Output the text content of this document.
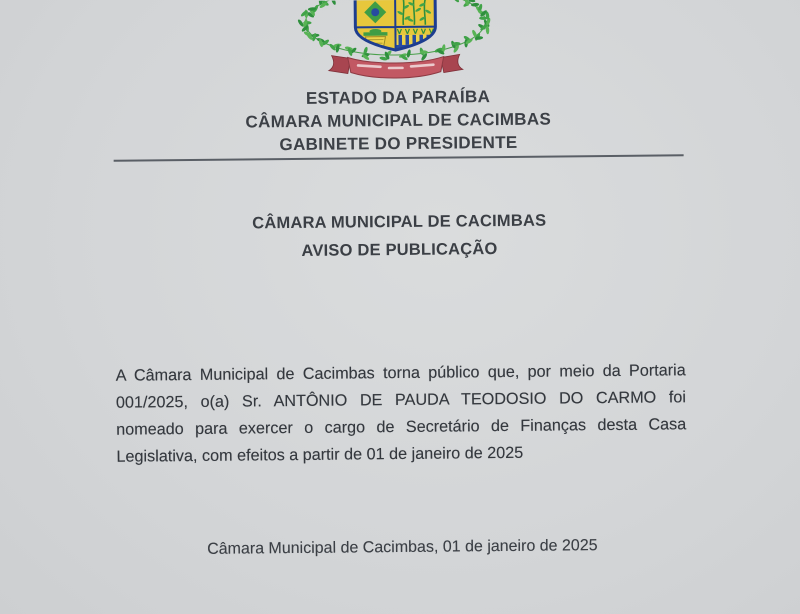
ESTADO DA PARAÍBA
CÂMARA MUNICIPAL DE CACIMBAS
GABINETE DO PRESIDENTE
CÂMARA MUNICIPAL DE CACIMBAS
AVISO DE PUBLICAÇÃO
A Câmara Municipal de Cacimbas torna público que, por meio da Portaria
001/2025, o(a) Sr. ANTÔNIO DE PAUDA TEODOSIO DO CARMO foi
nomeado para exercer o cargo de Secretário de Finanças desta Casa
Legislativa, com efeitos a partir de 01 de janeiro de 2025
Câmara Municipal de Cacimbas, 01 de janeiro de 2025
